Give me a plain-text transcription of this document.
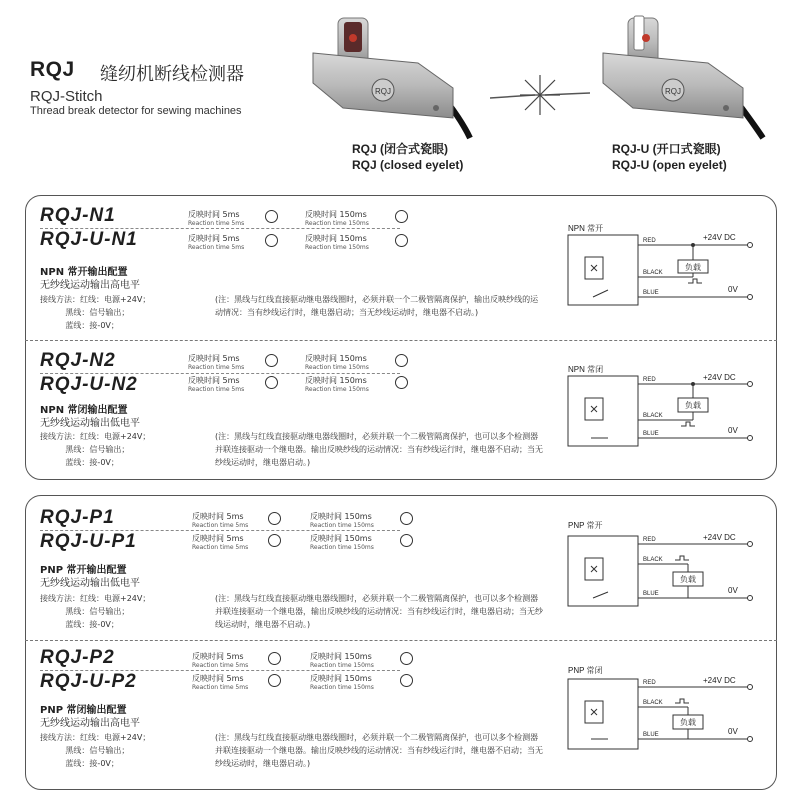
RQJ 缝纫机断线检测器
RQJ-Stitch
Thread break detector for sewing machines
RQJ	RQJ
RQJ (闭合式瓷眼)
RQJ (closed eyelet)
RQJ-U (开口式瓷眼)
RQJ-U (open eyelet)
RQJ-N1
RQJ-U-N1
反映时间 5ms
Reaction time 5ms
反映时间 150ms
Reaction time 150ms
反映时间 5ms
Reaction time 5ms
反映时间 150ms
Reaction time 150ms
NPN 常开输出配置
无纱线运动输出高电平
接线方法：红线：电源+24V；
黑线：信号输出；
蓝线：接-0V；
(注：黑线与红线直接驱动继电器线圈时，必须并联一个二极管隔离保护，输出反映纱线的运动情况：当有纱线运行时，继电器启动；当无纱线运动时，继电器不启动。)
RQJ-N2
RQJ-U-N2
反映时间 5ms
Reaction time 5ms
反映时间 150ms
Reaction time 150ms
反映时间 5ms
Reaction time 5ms
反映时间 150ms
Reaction time 150ms
NPN 常闭输出配置
无纱线运动输出低电平
接线方法：红线：电源+24V；
黑线：信号输出；
蓝线：接-0V；
(注：黑线与红线直接驱动继电器线圈时，必须并联一个二极管隔离保护，也可以多个检测器并联连接驱动一个继电器。输出反映纱线的运动情况：当有纱线运行时，继电器不启动；当无纱线运动时，继电器启动。)
RQJ-P1
RQJ-U-P1
反映时间 5ms
Reaction time 5ms
反映时间 150ms
Reaction time 150ms
反映时间 5ms
Reaction time 5ms
反映时间 150ms
Reaction time 150ms
PNP 常开输出配置
无纱线运动输出低电平
接线方法：红线：电源+24V；
黑线：信号输出；
蓝线：接-0V；
(注：黑线与红线直接驱动继电器线圈时，必须并联一个二极管隔离保护，也可以多个检测器并联连接驱动一个继电器，输出反映纱线的运动情况：当有纱线运行时，继电器启动；当无纱线运动时，继电器不启动。)
RQJ-P2
RQJ-U-P2
反映时间 5ms
Reaction time 5ms
反映时间 150ms
Reaction time 150ms
反映时间 5ms
Reaction time 5ms
反映时间 150ms
Reaction time 150ms
PNP 常闭输出配置
无纱线运动输出高电平
接线方法：红线：电源+24V；
黑线：信号输出；
蓝线：接-0V；
(注：黑线与红线直接驱动继电器线圈时，必须并联一个二极管隔离保护，也可以多个检测器并联连接驱动一个继电器。输出反映纱线的运动情况：当有纱线运行时，继电器不启动；当无纱线运动时，继电器启动。)
NPN 常开
RED
BLACK
BLUE
负载
+24V DC
0V
NPN 常闭
RED
BLACK
BLUE
负载
+24V DC
0V
PNP 常开
RED
BLACK
BLUE
负载
+24V DC
0V
PNP 常闭
RED
BLACK
BLUE
负载
+24V DC
0V
